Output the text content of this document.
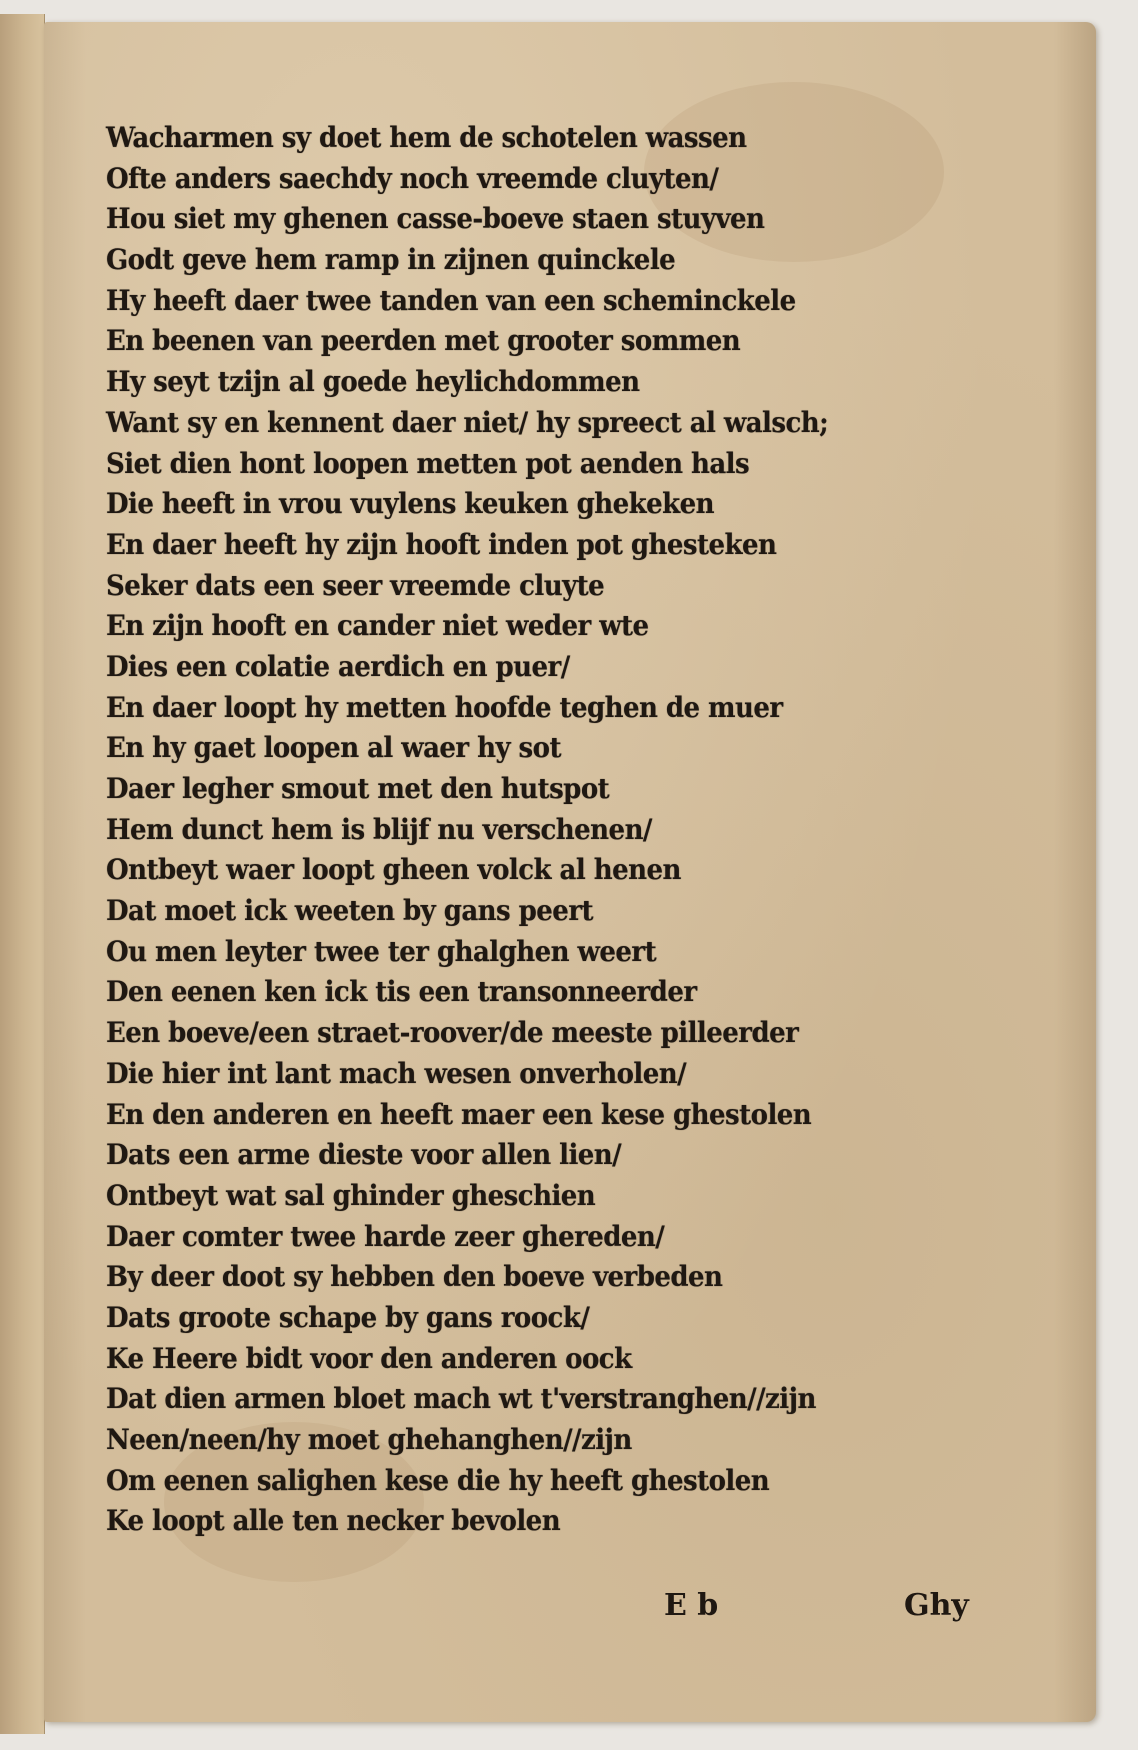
Wacharmen sy doet hem de schotelen wassen
Ofte anders saechdy noch vreemde cluyten/
Hou siet my ghenen casse-boeve staen stuyven
Godt geve hem ramp in zijnen quinckele
Hy heeft daer twee tanden van een scheminckele
En beenen van peerden met grooter sommen
Hy seyt tzijn al goede heylichdommen
Want sy en kennent daer niet/ hy spreect al walsch;
Siet dien hont loopen metten pot aenden hals
Die heeft in vrou vuylens keuken ghekeken
En daer heeft hy zijn hooft inden pot ghesteken
Seker dats een seer vreemde cluyte
En zijn hooft en cander niet weder wte
Dies een colatie aerdich en puer/
En daer loopt hy metten hoofde teghen de muer
En hy gaet loopen al waer hy sot
Daer legher smout met den hutspot
Hem dunct hem is blijf nu verschenen/
Ontbeyt waer loopt gheen volck al henen
Dat moet ick weeten by gans peert
Ou men leyter twee ter ghalghen weert
Den eenen ken ick tis een transonneerder
Een boeve/een straet-roover/de meeste pilleerder
Die hier int lant mach wesen onverholen/
En den anderen en heeft maer een kese ghestolen
Dats een arme dieste voor allen lien/
Ontbeyt wat sal ghinder gheschien
Daer comter twee harde zeer ghereden/
By deer doot sy hebben den boeve verbeden
Dats groote schape by gans roock/
Ke Heere bidt voor den anderen oock
Dat dien armen bloet mach wt t'verstranghen//zijn
Neen/neen/hy moet ghehanghen//zijn
Om eenen salighen kese die hy heeft ghestolen
Ke loopt alle ten necker bevolen
E b	Ghy
